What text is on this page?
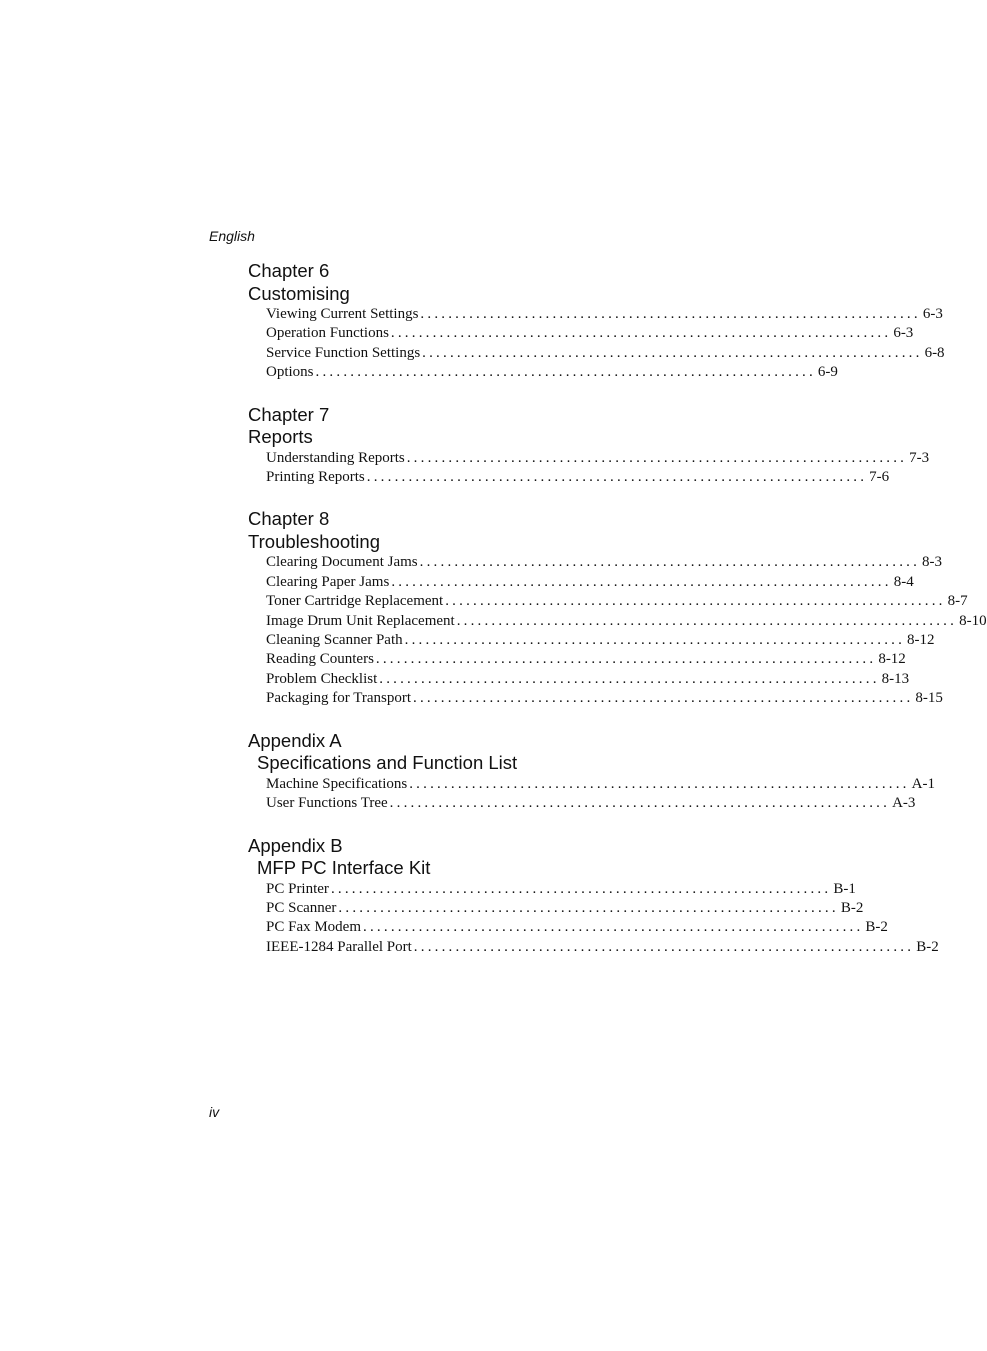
English
Chapter 6
Customising
Viewing Current Settings ........................................................................ 6-3
Operation Functions ........................................................................ 6-3
Service Function Settings ........................................................................ 6-8
Options ........................................................................ 6-9
Chapter 7
Reports
Understanding Reports ........................................................................ 7-3
Printing Reports ........................................................................ 7-6
Chapter 8
Troubleshooting
Clearing Document Jams ........................................................................ 8-3
Clearing Paper Jams ........................................................................ 8-4
Toner Cartridge Replacement ........................................................................ 8-7
Image Drum Unit Replacement ........................................................................ 8-10
Cleaning Scanner Path ........................................................................ 8-12
Reading Counters ........................................................................ 8-12
Problem Checklist ........................................................................ 8-13
Packaging for Transport ........................................................................ 8-15
Appendix A
Specifications and Function List
Machine Specifications ........................................................................ A-1
User Functions Tree ........................................................................ A-3
Appendix B
MFP PC Interface Kit
PC Printer ........................................................................ B-1
PC Scanner ........................................................................ B-2
PC Fax Modem ........................................................................ B-2
IEEE-1284 Parallel Port ........................................................................ B-2
iv
